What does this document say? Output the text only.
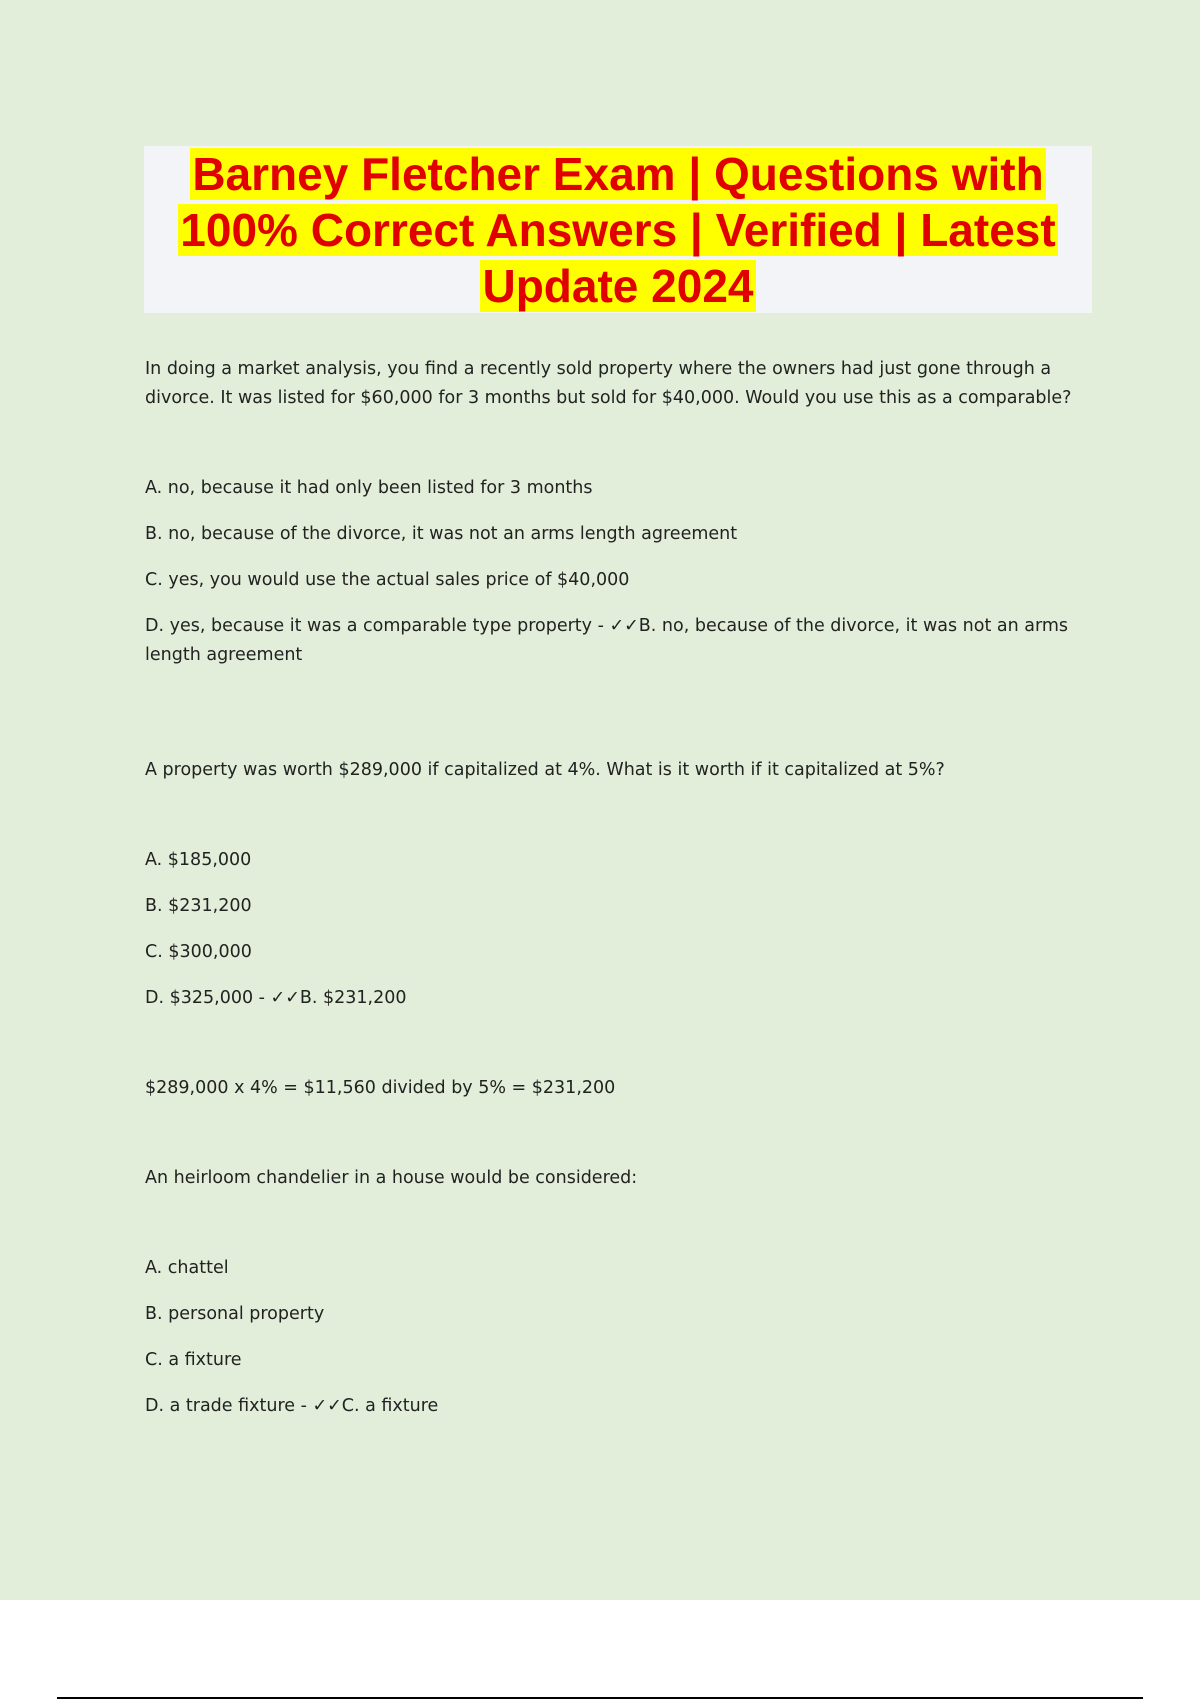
Barney Fletcher Exam | Questions with
100% Correct Answers | Verified | Latest
Update 2024

In doing a market analysis, you find a recently sold property where the owners had just gone through a divorce. It was listed for $60,000 for 3 months but sold for $40,000. Would you use this as a comparable?

A. no, because it had only been listed for 3 months

B. no, because of the divorce, it was not an arms length agreement

C. yes, you would use the actual sales price of $40,000

D. yes, because it was a comparable type property - ✓✓B. no, because of the divorce, it was not an arms length agreement

A property was worth $289,000 if capitalized at 4%. What is it worth if it capitalized at 5%?

A. $185,000

B. $231,200

C. $300,000

D. $325,000 - ✓✓B. $231,200

$289,000 x 4% = $11,560 divided by 5% = $231,200

An heirloom chandelier in a house would be considered:

A. chattel

B. personal property

C. a fixture

D. a trade fixture - ✓✓C. a fixture
